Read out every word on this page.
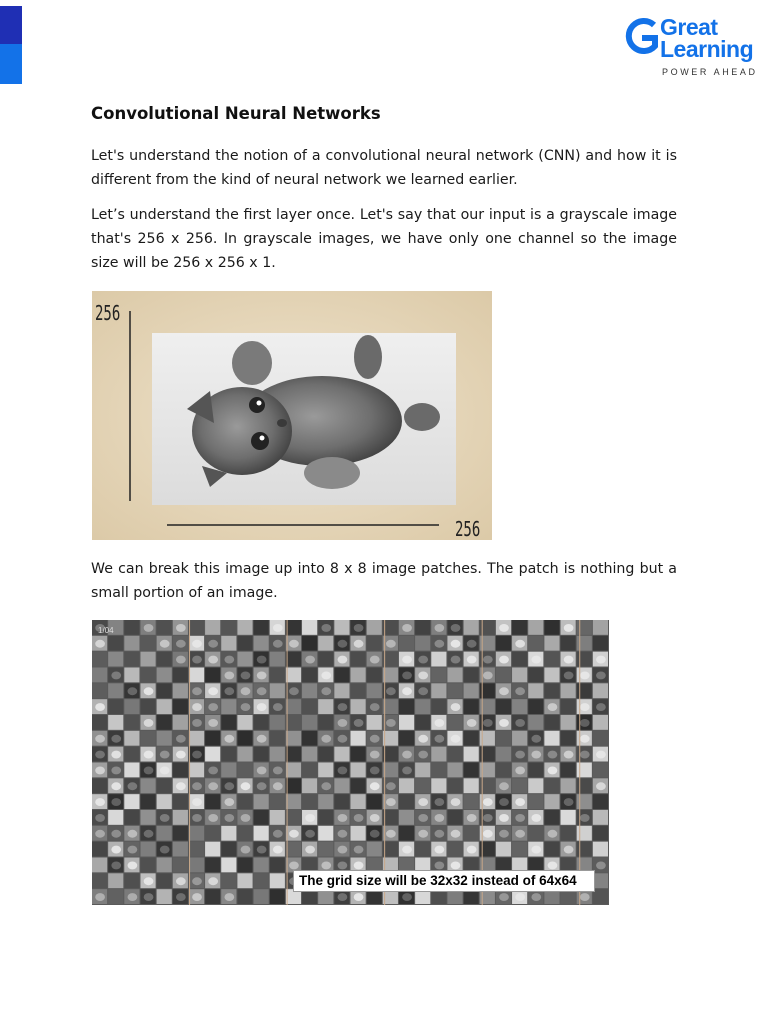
Great
Learning
POWER AHEAD
Convolutional Neural Networks

Let's understand the notion of a convolutional neural network (CNN) and how it is different from the kind of neural network we learned earlier.

Let’s understand the first layer once. Let's say that our input is a grayscale image that's 256 x 256. In grayscale images, we have only one channel so the image size will be 256 x 256 x 1.

256
256

We can break this image up into 8 x 8 image patches. The patch is nothing but a small portion of an image.

1/04
The grid size will be 32x32 instead of 64x64
